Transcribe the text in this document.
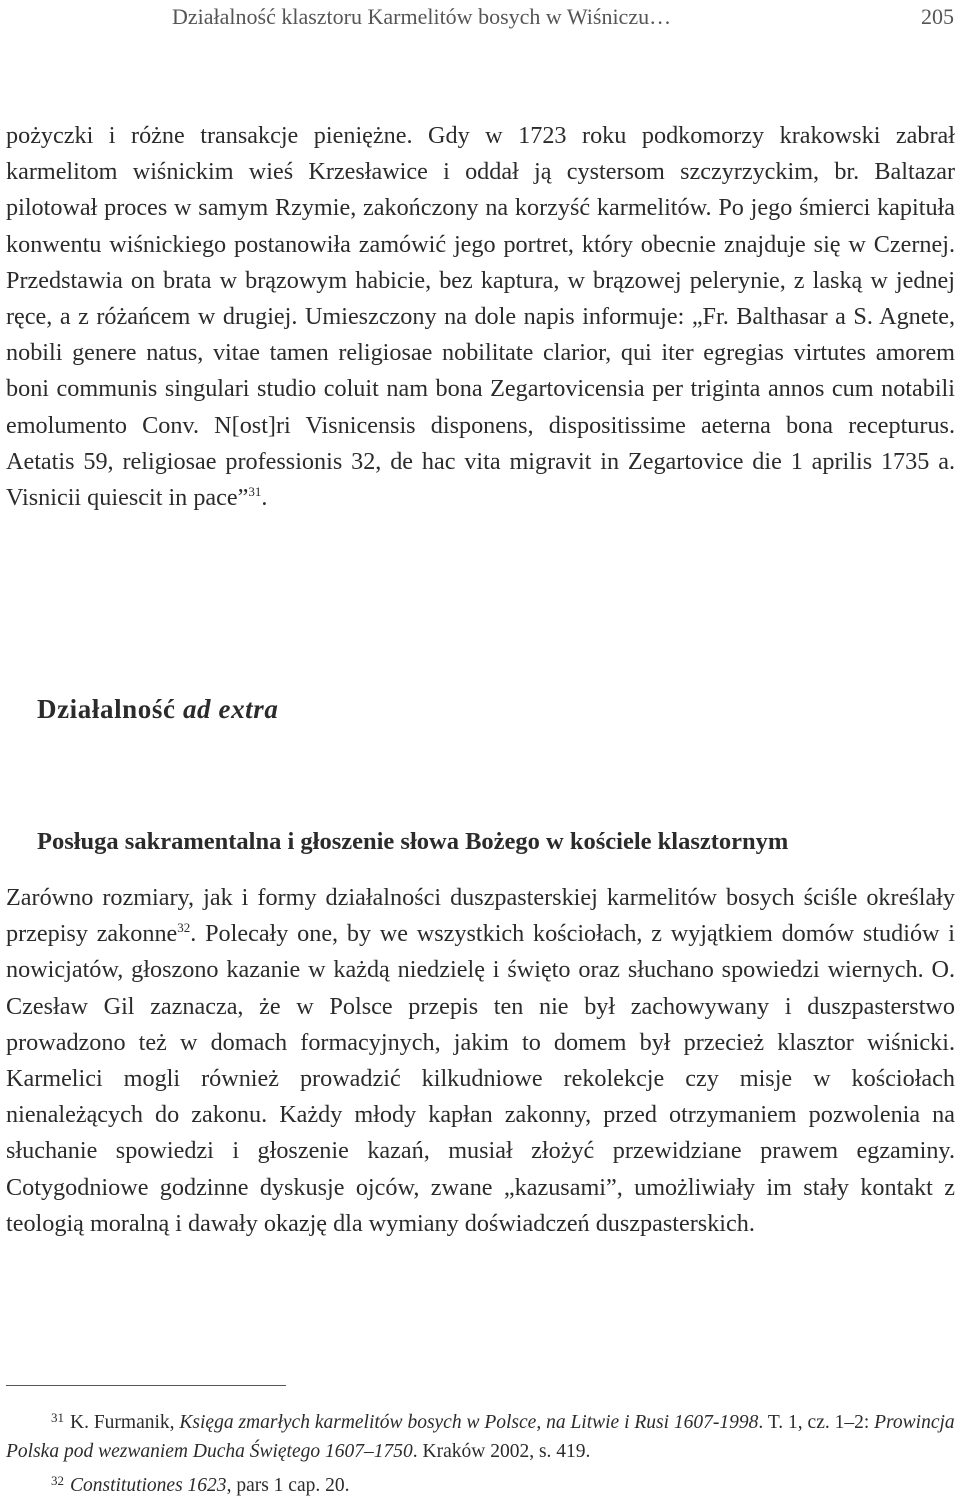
Działalność klasztoru Karmelitów bosych w Wiśniczu…	205

pożyczki i różne transakcje pieniężne. Gdy w 1723 roku podkomorzy krakowski zabrał karmelitom wiśnickim wieś Krzesławice i oddał ją cystersom szczyrzyckim, br. Baltazar pilotował proces w samym Rzymie, zakończony na korzyść karmelitów. Po jego śmierci kapituła konwentu wiśnickiego postanowiła zamówić jego portret, który obecnie znajduje się w Czernej. Przedstawia on brata w brązowym habicie, bez kaptura, w brązowej pelerynie, z laską w jednej ręce, a z różańcem w drugiej. Umieszczony na dole napis informuje: „Fr. Balthasar a S. Agnete, nobili genere natus, vitae tamen religiosae nobilitate clarior, qui iter egregias virtutes amorem boni communis singulari studio coluit nam bona Zegartovicensia per triginta annos cum notabili emolumento Conv. N[ost]ri Visnicensis disponens, dispositissime aeterna bona recepturus. Aetatis 59, religiosae professionis 32, de hac vita migravit in Zegartovice die 1 aprilis 1735 a. Visnicii quiescit in pace”$^{31}$.

Działalność ad extra
Posługa sakramentalna i głoszenie słowa Bożego w kościele klasztornym

Zarówno rozmiary, jak i formy działalności duszpasterskiej karmelitów bosych ściśle określały przepisy zakonne$^{32}$. Polecały one, by we wszystkich kościołach, z wyjątkiem domów studiów i nowicjatów, głoszono kazanie w każdą niedzielę i święto oraz słuchano spowiedzi wiernych. O. Czesław Gil zaznacza, że w Polsce przepis ten nie był zachowywany i duszpasterstwo prowadzono też w domach formacyjnych, jakim to domem był przecież klasztor wiśnicki. Karmelici mogli również prowadzić kilkudniowe rekolekcje czy misje w kościołach nienależących do zakonu. Każdy młody kapłan zakonny, przed otrzymaniem pozwolenia na słuchanie spowiedzi i głoszenie kazań, musiał złożyć przewidziane prawem egzaminy. Cotygodniowe godzinne dyskusje ojców, zwane „kazusami”, umożliwiały im stały kontakt z teologią moralną i dawały okazję dla wymiany doświadczeń duszpasterskich.

31 K. Furmanik, Księga zmarłych karmelitów bosych w Polsce, na Litwie i Rusi 1607-1998. T. 1, cz. 1–2: Prowincja Polska pod wezwaniem Ducha Świętego 1607–1750. Kraków 2002, s. 419.

32 Constitutiones 1623, pars 1 cap. 20.
